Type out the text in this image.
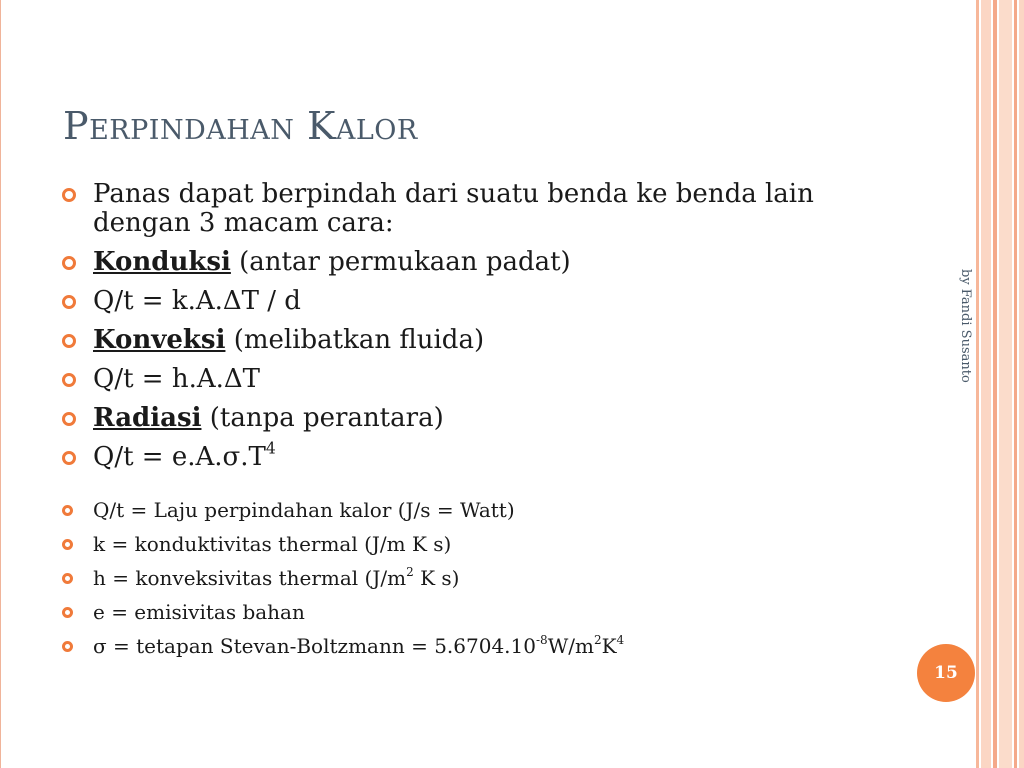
Perpindahan Kalor
Panas dapat berpindah dari suatu benda ke benda lain dengan 3 macam cara:
Konduksi (antar permukaan padat)
Q/t = k.A.ΔT / d
Konveksi (melibatkan fluida)
Q/t = h.A.ΔT
Radiasi (tanpa perantara)
$Q/t = e.A.\sigma.T^4$
Q/t = Laju perpindahan kalor (J/s = Watt)
k = konduktivitas thermal (J/m K s)
h = konveksivitas thermal ($J/m^2$ K s)
e = emisivitas bahan
σ = tetapan Stevan-Boltzmann = $5.6704.10^{-8}W/m^2K^4$
by Fandi Susanto
15
